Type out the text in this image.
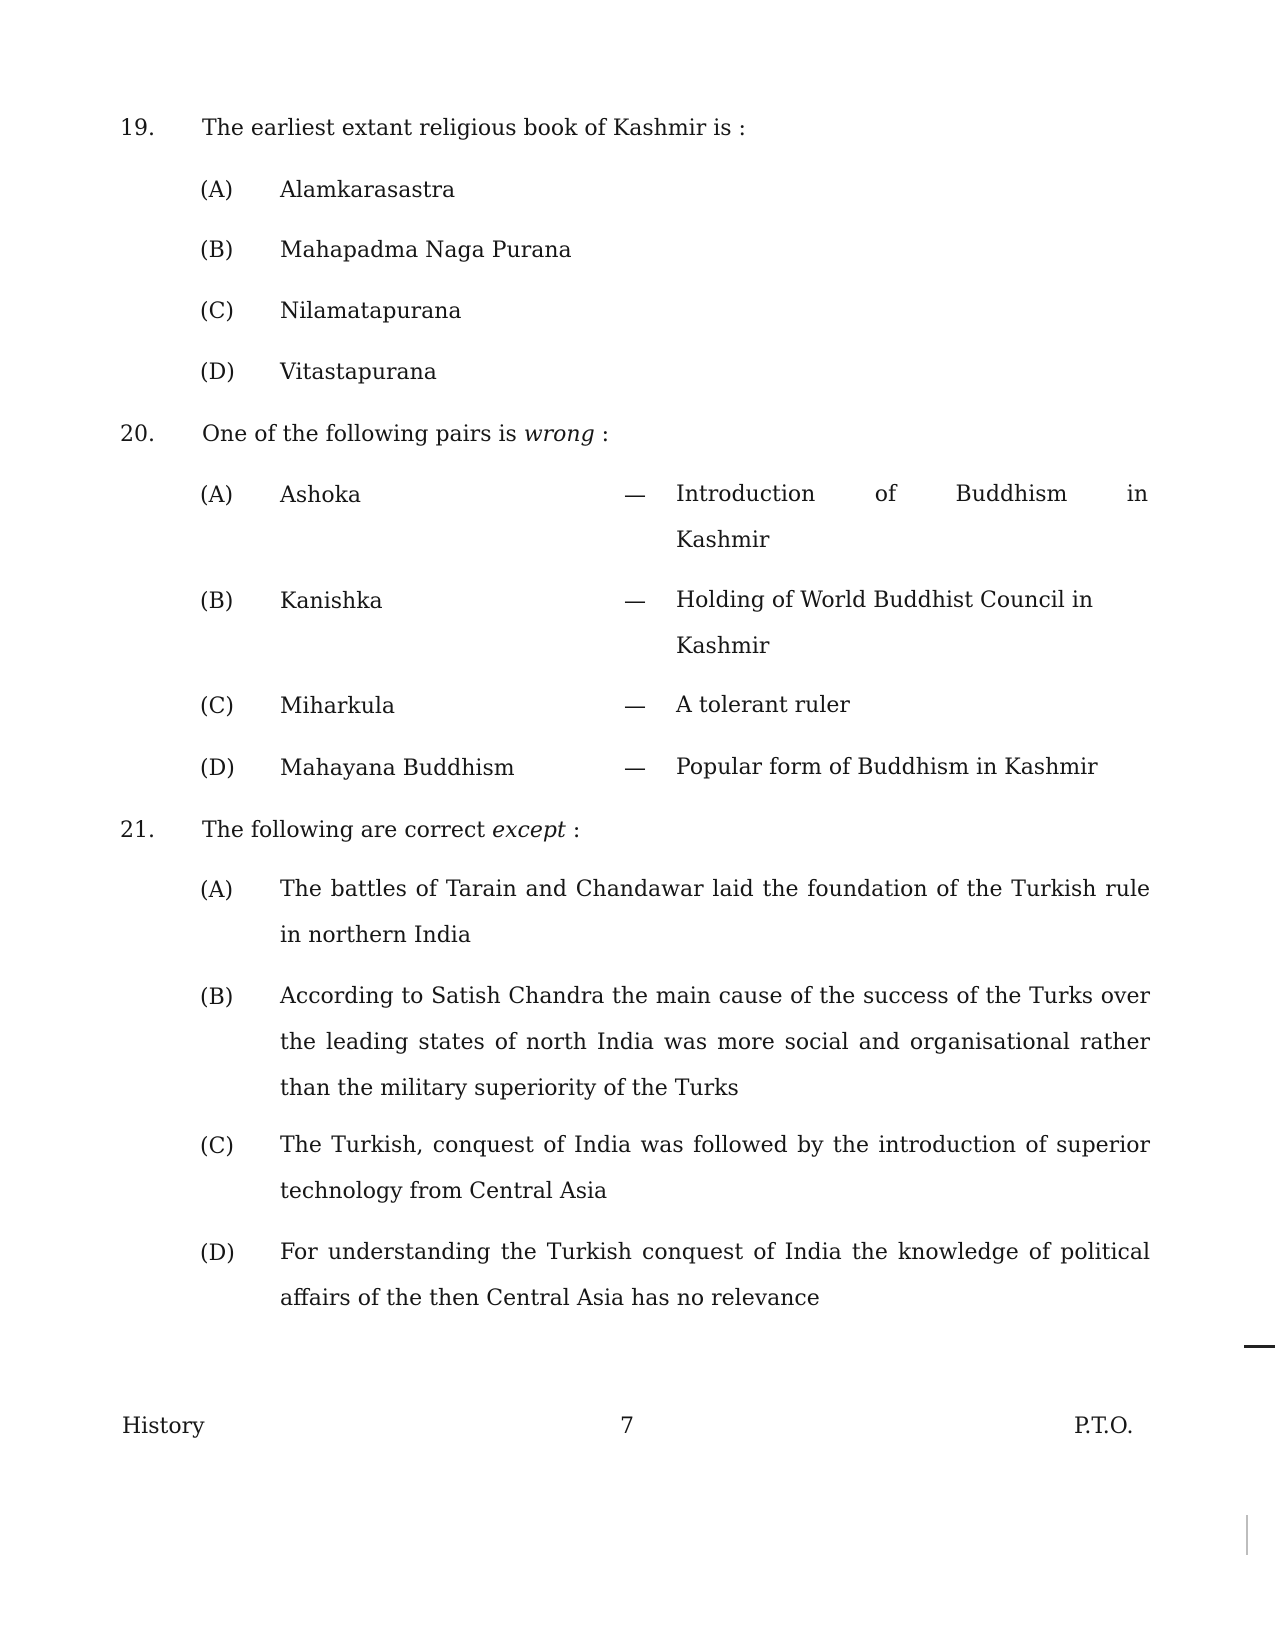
19. The earliest extant religious book of Kashmir is :
(A) Alamkarasastra
(B) Mahapadma Naga Purana
(C) Nilamatapurana
(D) Vitastapurana
20. One of the following pairs is wrong :
(A) Ashoka	— Introduction of Buddhism in
Kashmir
(B) Kanishka	— Holding of World Buddhist Council in
Kashmir
(C) Miharkula	— A tolerant ruler
(D) Mahayana Buddhism	— Popular form of Buddhism in Kashmir
21. The following are correct except :
(A) The battles of Tarain and Chandawar laid the foundation of the Turkish rule in northern India
(B) According to Satish Chandra the main cause of the success of the Turks over the leading states of north India was more social and organisational rather than the military superiority of the Turks
(C) The Turkish, conquest of India was followed by the introduction of superior technology from Central Asia
(D) For understanding the Turkish conquest of India the knowledge of political affairs of the then Central Asia has no relevance
History	7	P.T.O.
